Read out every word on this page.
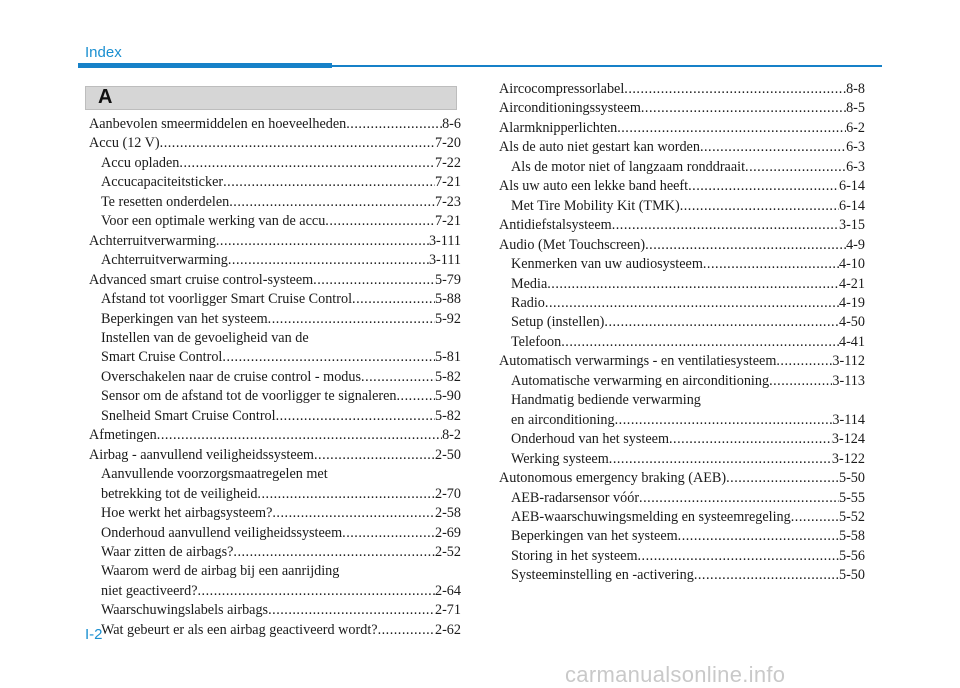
Index
A
Aanbevolen smeermiddelen en hoeveelheden .....	8-6
Accu (12 V) .....	7-20
Accu opladen .....	7-22
Accucapaciteitsticker .....	7-21
Te resetten onderdelen .....	7-23
Voor een optimale werking van de accu .....	7-21
Achterruitverwarming .....	3-111
Achterruitverwarming .....	3-111
Advanced smart cruise control-systeem .....	5-79
Afstand tot voorligger Smart Cruise Control .....	5-88
Beperkingen van het systeem .....	5-92
Instellen van de gevoeligheid van de
Smart Cruise Control .....	5-81
Overschakelen naar de cruise control - modus .....	5-82
Sensor om de afstand tot de voorligger te signaleren .....	5-90
Snelheid Smart Cruise Control .....	5-82
Afmetingen .....	8-2
Airbag - aanvullend veiligheidssysteem .....	2-50
Aanvullende voorzorgsmaatregelen met
betrekking tot de veiligheid .....	2-70
Hoe werkt het airbagsysteem? .....	2-58
Onderhoud aanvullend veiligheidssysteem .....	2-69
Waar zitten de airbags? .....	2-52
Waarom werd de airbag bij een aanrijding
niet geactiveerd? .....	2-64
Waarschuwingslabels airbags .....	2-71
Wat gebeurt er als een airbag geactiveerd wordt? .....	2-62
Aircocompressorlabel .....	8-8
Airconditioningssysteem .....	8-5
Alarmknipperlichten .....	6-2
Als de auto niet gestart kan worden .....	6-3
Als de motor niet of langzaam ronddraait .....	6-3
Als uw auto een lekke band heeft .....	6-14
Met Tire Mobility Kit (TMK) .....	6-14
Antidiefstalsysteem .....	3-15
Audio (Met Touchscreen) .....	4-9
Kenmerken van uw audiosysteem .....	4-10
Media .....	4-21
Radio .....	4-19
Setup (instellen) .....	4-50
Telefoon .....	4-41
Automatisch verwarmings - en ventilatiesysteem .....	3-112
Automatische verwarming en airconditioning .....	3-113
Handmatig bediende verwarming
en airconditioning .....	3-114
Onderhoud van het systeem .....	3-124
Werking systeem .....	3-122
Autonomous emergency braking (AEB) .....	5-50
AEB-radarsensor vóór .....	5-55
AEB-waarschuwingsmelding en systeemregeling .....	5-52
Beperkingen van het systeem .....	5-58
Storing in het systeem .....	5-56
Systeeminstelling en -activering .....	5-50
I-2
carmanualsonline.info
